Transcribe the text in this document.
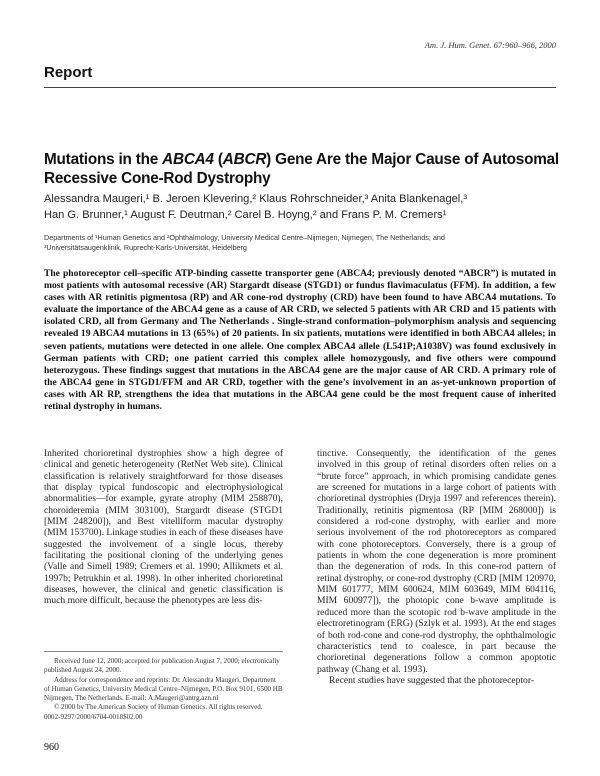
Am. J. Hum. Genet. 67:960–966, 2000
Report
Mutations in the ABCA4 (ABCR) Gene Are the Major Cause of Autosomal Recessive Cone-Rod Dystrophy
Alessandra Maugeri,¹ B. Jeroen Klevering,² Klaus Rohrschneider,³ Anita Blankenagel,³
Han G. Brunner,¹ August F. Deutman,² Carel B. Hoyng,² and Frans P. M. Cremers¹
Departments of ¹Human Genetics and ²Ophthalmology, University Medical Centre–Nijmegen, Nijmegen, The Netherlands; and
³Universitätsaugenklinik, Ruprecht-Karls-Universität, Heidelberg
The photoreceptor cell–specific ATP-binding cassette transporter gene (ABCA4; previously denoted “ABCR”) is mutated in most patients with autosomal recessive (AR) Stargardt disease (STGD1) or fundus flavimaculatus (FFM). In addition, a few cases with AR retinitis pigmentosa (RP) and AR cone-rod dystrophy (CRD) have been found to have ABCA4 mutations. To evaluate the importance of the ABCA4 gene as a cause of AR CRD, we selected 5 patients with AR CRD and 15 patients with isolated CRD, all from Germany and The Netherlands . Single-strand conformation–polymorphism analysis and sequencing revealed 19 ABCA4 mutations in 13 (65%) of 20 patients. In six patients, mutations were identified in both ABCA4 alleles; in seven patients, mutations were detected in one allele. One complex ABCA4 allele (L541P;A1038V) was found exclusively in German patients with CRD; one patient carried this complex allele homozygously, and five others were compound heterozygous. These findings suggest that mutations in the ABCA4 gene are the major cause of AR CRD. A primary role of the ABCA4 gene in STGD1/FFM and AR CRD, together with the gene’s involvement in an as-yet-unknown proportion of cases with AR RP, strengthens the idea that mutations in the ABCA4 gene could be the most frequent cause of inherited retinal dystrophy in humans.

Inherited chorioretinal dystrophies show a high degree of clinical and genetic heterogeneity (RetNet Web site). Clinical classification is relatively straightforward for those diseases that display typical fundoscopic and electrophysiological abnormalities—for example, gyrate atrophy (MIM 258870), choroideremia (MIM 303100), Stargardt disease (STGD1 [MIM 248200]), and Best vitelliform macular dystrophy (MIM 153700). Linkage studies in each of these diseases have suggested the involvement of a single locus, thereby facilitating the positional cloning of the underlying genes (Valle and Simell 1989; Cremers et al. 1990; Allikmets et al. 1997b; Petrukhin et al. 1998). In other inherited chorioretinal diseases, however, the clinical and genetic classification is much more difficult, because the phenotypes are less dis-

tinctive. Consequently, the identification of the genes involved in this group of retinal disorders often relies on a “brute force” approach, in which promising candidate genes are screened for mutations in a large cohort of patients with chorioretinal dystrophies (Dryja 1997 and references therein). Traditionally, retinitis pigmentosa (RP [MIM 268000]) is considered a rod-cone dystrophy, with earlier and more serious involvement of the rod photoreceptors as compared with cone photoreceptors. Conversely, there is a group of patients in whom the cone degeneration is more prominent than the degeneration of rods. In this cone-rod pattern of retinal dystrophy, or cone-rod dystrophy (CRD [MIM 120970, MIM 601777, MIM 600624, MIM 603649, MIM 604116, MIM 600977]), the photopic cone b-wave amplitude is reduced more than the scotopic rod b-wave amplitude in the electroretinogram (ERG) (Szlyk et al. 1993). At the end stages of both rod-cone and cone-rod dystrophy, the ophthalmologic characteristics tend to coalesce, in part because the chorioretinal degenerations follow a common apoptotic pathway (Chang et al. 1993).

Recent studies have suggested that the photoreceptor-

Received June 12, 2000; accepted for publication August 7, 2000; electronically published August 24, 2000.

Address for correspondence and reprints: Dr. Alessandra Maugeri, Department of Human Genetics, University Medical Centre–Nijmegen, P.O. Box 9101, 6500 HB Nijmegen, The Netherlands. E-mail: A.Maugeri@antrg.azn.nl

© 2000 by The American Society of Human Genetics. All rights reserved.

0002-9297/2000/6704-0018$02.00

960
